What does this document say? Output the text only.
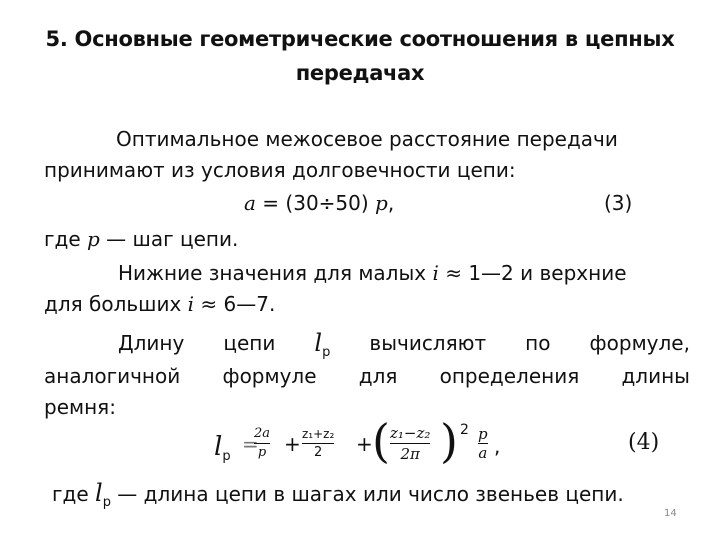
5. Основные геометрические соотношения в цепных
передачах
Оптимальное межосевое расстояние передачи
принимают из условия долговечности цепи:
a = (30÷50) p,	(3)
где p — шаг цепи.
Нижние значения для малых i ≈ 1—2 и верхние
для больших i ≈ 6—7.
Длину цепи $l_р$ вычисляют по формуле,
аналогичной формуле для определения длины
ремня:
$l_р$
=
2a
p + z₁+z₂
2 + ( z₁−z₂
2π ) 2 p
a ,	(4)
где $l_р$ — длина цепи в шагах или число звеньев цепи.
14
